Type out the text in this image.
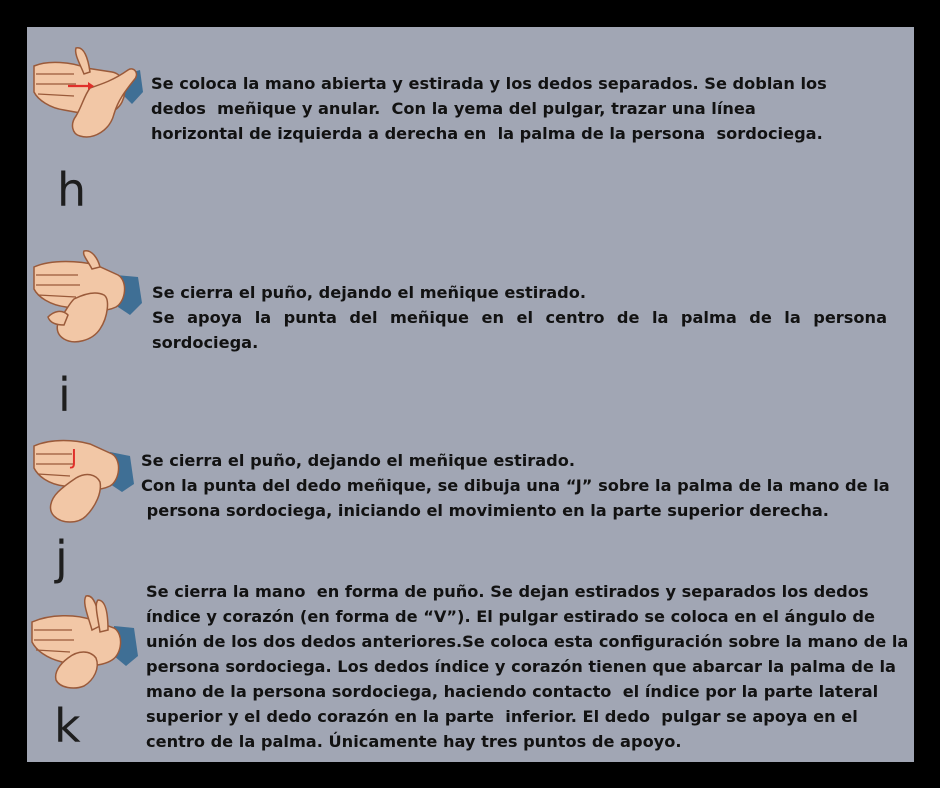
h
Se coloca la mano abierta y estirada y los dedos separados. Se doblan los
dedos  meñique y anular.  Con la yema del pulgar, trazar una línea
horizontal de izquierda a derecha en  la palma de la persona  sordociega.
i
Se cierra el puño, dejando el meñique estirado.
Se apoya la punta del meñique en el centro de la palma de la persona
sordociega.
J
j
Se cierra el puño, dejando el meñique estirado.
Con la punta del dedo meñique, se dibuja una “J” sobre la palma de la mano de la
persona sordociega, iniciando el movimiento en la parte superior derecha.
k
Se cierra la mano  en forma de puño. Se dejan estirados y separados los dedos
índice y corazón (en forma de “V”). El pulgar estirado se coloca en el ángulo de
unión de los dos dedos anteriores.Se coloca esta configuración sobre la mano de la
persona sordociega. Los dedos índice y corazón tienen que abarcar la palma de la
mano de la persona sordociega, haciendo contacto  el índice por la parte lateral
superior y el dedo corazón en la parte  inferior. El dedo  pulgar se apoya en el
centro de la palma. Únicamente hay tres puntos de apoyo.
